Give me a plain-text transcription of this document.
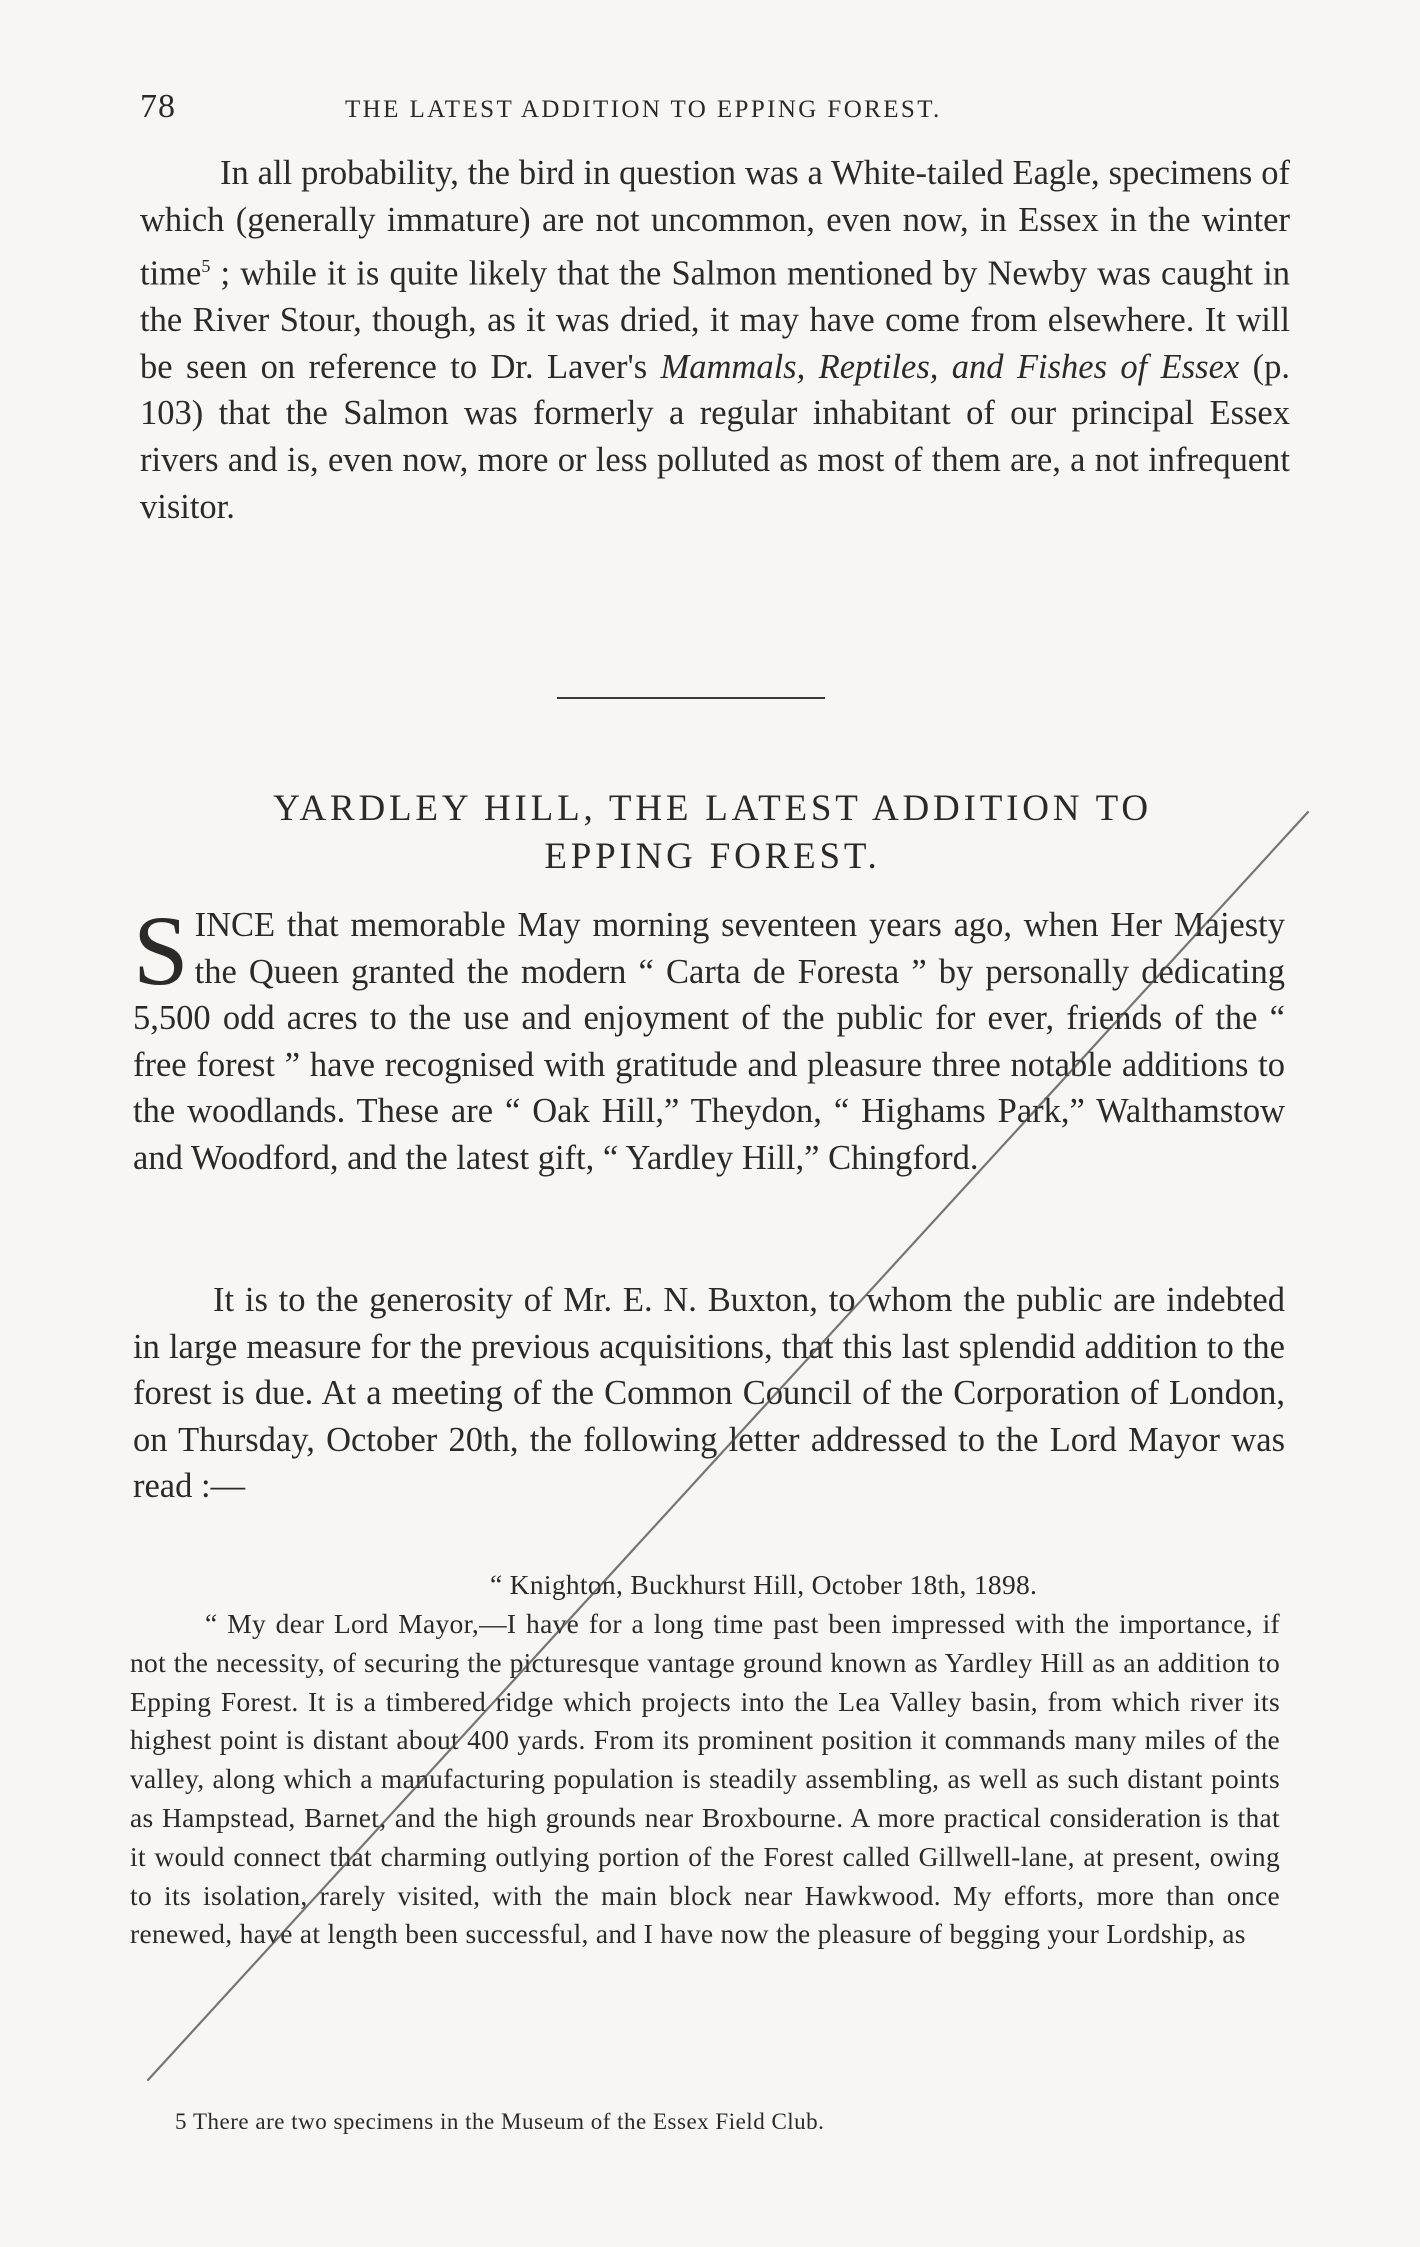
78	THE LATEST ADDITION TO EPPING FOREST.

In all probability, the bird in question was a White-tailed Eagle, specimens of which (generally immature) are not uncommon, even now, in Essex in the winter time$^5$ ; while it is quite likely that the Salmon mentioned by Newby was caught in the River Stour, though, as it was dried, it may have come from elsewhere. It will be seen on reference to Dr. Laver's Mammals, Reptiles, and Fishes of Essex (p. 103) that the Salmon was formerly a regular inhabitant of our principal Essex rivers and is, even now, more or less polluted as most of them are, a not infrequent visitor.

YARDLEY HILL, THE LATEST ADDITION TO
EPPING FOREST.

SINCE that memorable May morning seventeen years ago, when Her Majesty the Queen granted the modern “ Carta de Foresta ” by personally dedicating 5,500 odd acres to the use and enjoyment of the public for ever, friends of the “ free forest ” have recognised with gratitude and pleasure three notable additions to the woodlands. These are “ Oak Hill,” Theydon, “ Highams Park,” Walthamstow and Woodford, and the latest gift, “ Yardley Hill,” Chingford.

It is to the generosity of Mr. E. N. Buxton, to whom the public are indebted in large measure for the previous acquisitions, that this last splendid addition to the forest is due. At a meeting of the Common Council of the Corporation of London, on Thursday, October 20th, the following letter addressed to the Lord Mayor was read :—

“ Knighton, Buckhurst Hill, October 18th, 1898.

“ My dear Lord Mayor,—I have for a long time past been impressed with the importance, if not the necessity, of securing the picturesque vantage ground known as Yardley Hill as an addition to Epping Forest. It is a timbered ridge which projects into the Lea Valley basin, from which river its highest point is distant about 400 yards. From its prominent position it commands many miles of the valley, along which a manufacturing population is steadily assembling, as well as such distant points as Hampstead, Barnet, and the high grounds near Broxbourne. A more practical consideration is that it would connect that charming outlying portion of the Forest called Gillwell-lane, at present, owing to its isolation, rarely visited, with the main block near Hawkwood. My efforts, more than once renewed, have at length been successful, and I have now the pleasure of begging your Lordship, as

5 There are two specimens in the Museum of the Essex Field Club.
